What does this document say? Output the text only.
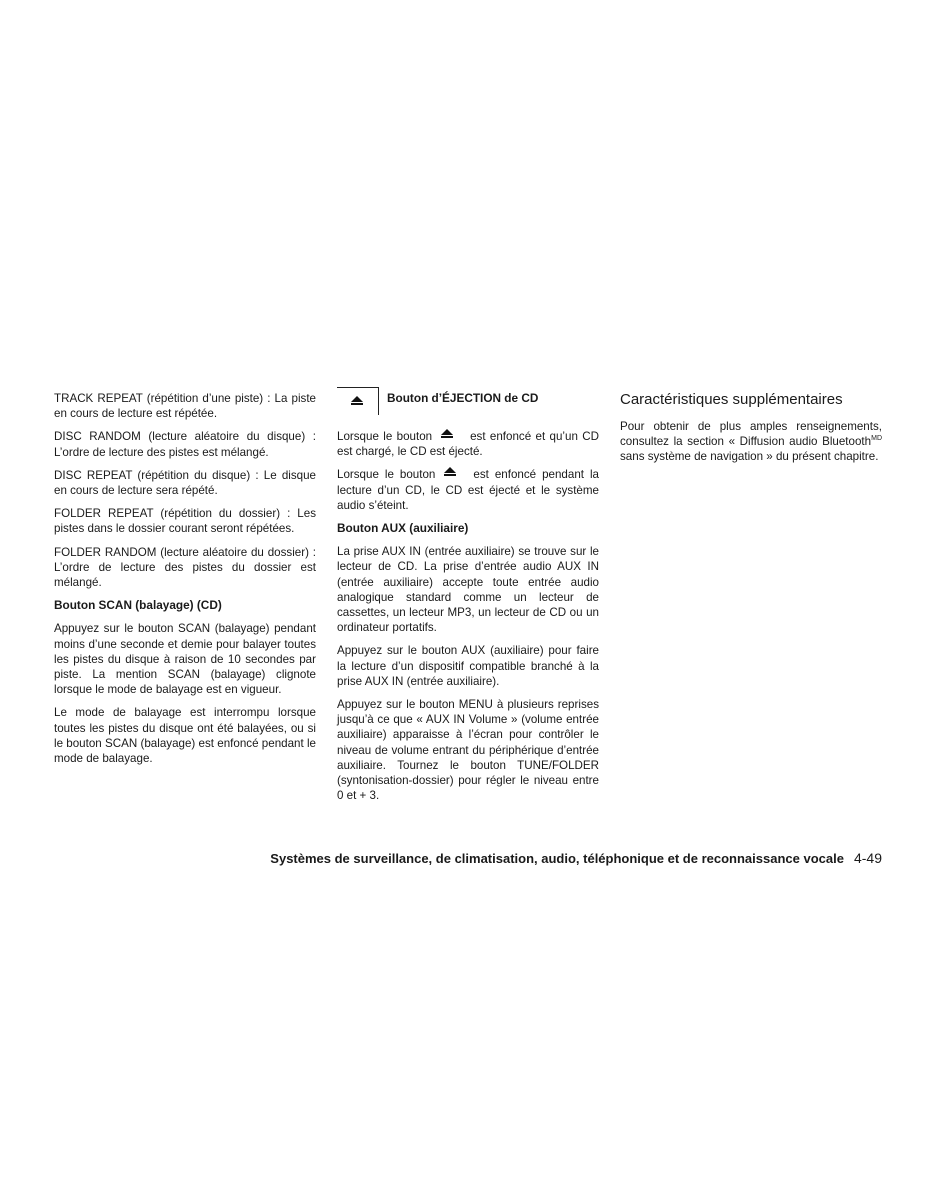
TRACK REPEAT (répétition d’une piste) : La piste en cours de lecture est répétée.

DISC RANDOM (lecture aléatoire du disque) : L’ordre de lecture des pistes est mélangé.

DISC REPEAT (répétition du disque) : Le disque en cours de lecture sera répété.

FOLDER REPEAT (répétition du dossier) : Les pistes dans le dossier courant seront répétées.

FOLDER RANDOM (lecture aléatoire du dossier) : L’ordre de lecture des pistes du dossier est mélangé.

Bouton SCAN (balayage) (CD)

Appuyez sur le bouton SCAN (balayage) pendant moins d’une seconde et demie pour balayer toutes les pistes du disque à raison de 10 secondes par piste. La mention SCAN (balayage) clignote lorsque le mode de balayage est en vigueur.

Le mode de balayage est interrompu lorsque toutes les pistes du disque ont été balayées, ou si le bouton SCAN (balayage) est enfoncé pendant le mode de balayage.

Bouton d’ÉJECTION de CD

Lorsque le bouton	est enfoncé et qu’un CD est chargé, le CD est éjecté.

Lorsque le bouton	est enfoncé pendant la lecture d’un CD, le CD est éjecté et le système audio s’éteint.

Bouton AUX (auxiliaire)

La prise AUX IN (entrée auxiliaire) se trouve sur le lecteur de CD. La prise d’entrée audio AUX IN (entrée auxiliaire) accepte toute entrée audio analogique standard comme un lecteur de cassettes, un lecteur MP3, un lecteur de CD ou un ordinateur portatifs.

Appuyez sur le bouton AUX (auxiliaire) pour faire la lecture d’un dispositif compatible branché à la prise AUX IN (entrée auxiliaire).

Appuyez sur le bouton MENU à plusieurs reprises jusqu’à ce que « AUX IN Volume » (volume entrée auxiliaire) apparaisse à l’écran pour contrôler le niveau de volume entrant du périphérique d’entrée auxiliaire. Tournez le bouton TUNE/FOLDER (syntonisation-dossier) pour régler le niveau entre 0 et + 3.

Caractéristiques supplémentaires

Pour obtenir de plus amples renseignements, consultez la section « Diffusion audio Bluetooth$^{MD}$ sans système de navigation » du présent chapitre.

Systèmes de surveillance, de climatisation, audio, téléphonique et de reconnaissance vocale 4-49
